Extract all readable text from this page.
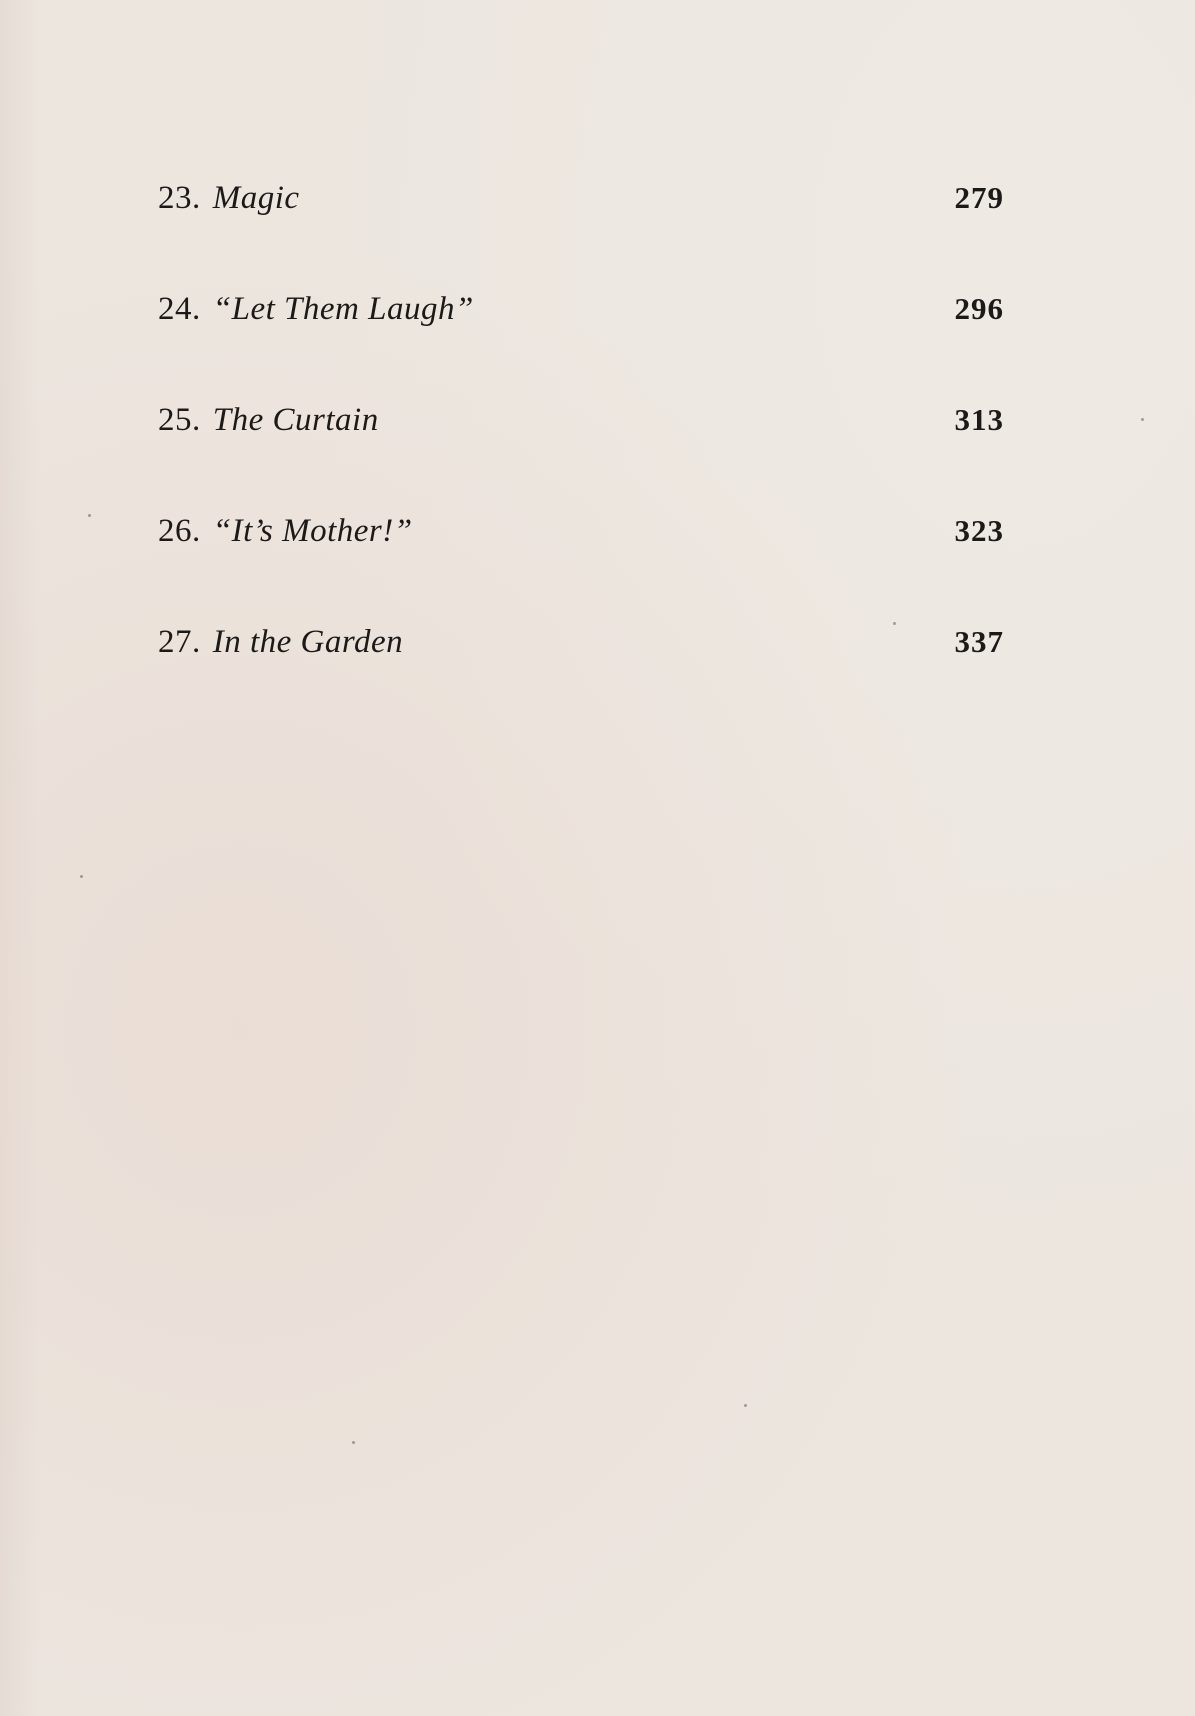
23. Magic	279
24. “Let Them Laugh”	296
25. The Curtain	313
26. “It’s Mother!”	323
27. In the Garden	337
